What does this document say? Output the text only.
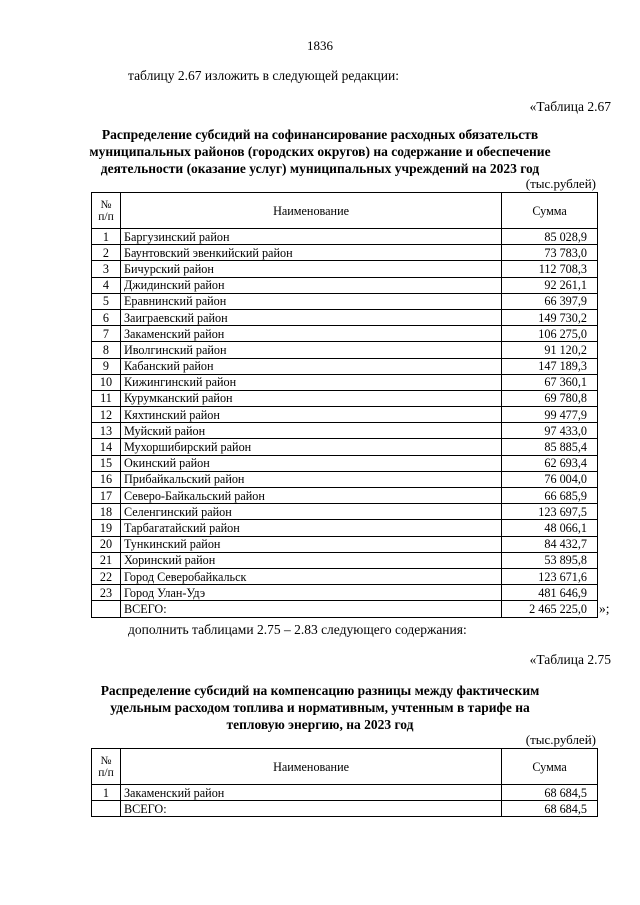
1836
таблицу 2.67 изложить в следующей редакции:
«Таблица 2.67
Распределение субсидий на софинансирование расходных обязательств
муниципальных районов (городских округов) на содержание и обеспечение
деятельности (оказание услуг) муниципальных учреждений на 2023 год
(тыс.рублей)
№
п/п	Наименование	Сумма
1	Баргузинский район	85 028,9
2	Баунтовский эвенкийский район	73 783,0
3	Бичурский район	112 708,3
4	Джидинский район	92 261,1
5	Еравнинский район	66 397,9
6	Заиграевский район	149 730,2
7	Закаменский район	106 275,0
8	Иволгинский район	91 120,2
9	Кабанский район	147 189,3
10	Кижингинский район	67 360,1
11	Курумканский район	69 780,8
12	Кяхтинский район	99 477,9
13	Муйский район	97 433,0
14	Мухоршибирский район	85 885,4
15	Окинский район	62 693,4
16	Прибайкальский район	76 004,0
17	Северо-Байкальский район	66 685,9
18	Селенгинский район	123 697,5
19	Тарбагатайский район	48 066,1
20	Тункинский район	84 432,7
21	Хоринский район	53 895,8
22	Город Северобайкальск	123 671,6
23	Город Улан-Удэ	481 646,9
	ВСЕГО:	2 465 225,0 »;
дополнить таблицами 2.75 – 2.83 следующего содержания:
«Таблица 2.75
Распределение субсидий на компенсацию разницы между фактическим
удельным расходом топлива и нормативным, учтенным в тарифе на
тепловую энергию, на 2023 год
(тыс.рублей)
№
п/п	Наименование	Сумма
1	Закаменский район	68 684,5
	ВСЕГО:	68 684,5
